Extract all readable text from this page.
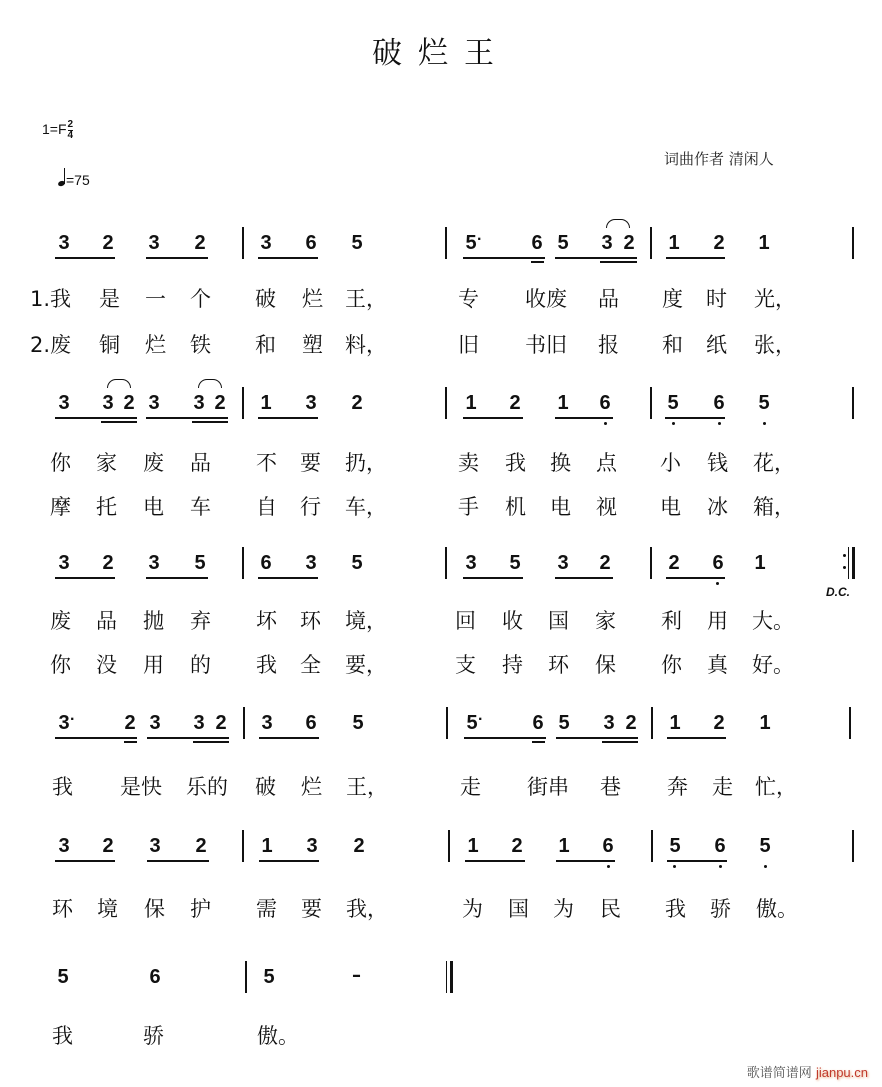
破烂王
$1=F \frac{2}{4}$
=75
词曲作者 清闲人
3 2 3 2	3 6 5	5 · 6 5 3 2 1 2 1
1.我 是 一 个 破 烂 王，	专 收废 品 度 时 光，
2.废 铜 烂 铁 和 塑 料，	旧 书旧 报 和 纸 张，
3 3 2 3 3 2 1 3 2	1 2 1 6	5 6 5
你 家 废 品 不 要 扔，	卖 我 换 点 小 钱 花，
摩 托 电 车 自 行 车，	手 机 电 视 电 冰 箱，
3 2 3 5	6 3 5	3 5 3 2	2 6 1
D.C.
废 品 抛 弃 坏 环 境，	回 收 国 家 利 用 大。
你 没 用 的 我 全 要，	支 持 环 保 你 真 好。
3 · 2 3 3 2 3 6 5	5 · 6 5 3 2 1 2 1
我 是快 乐的 破 烂 王，	走 街串 巷 奔 走 忙，
3 2 3 2	1 3 2	1 2 1 6	5 6 5
环 境 保 护 需 要 我，	为 国 为 民 我 骄 傲。
5	6	5	–
我	骄	傲。
歌谱简谱网 jianpu.cn
